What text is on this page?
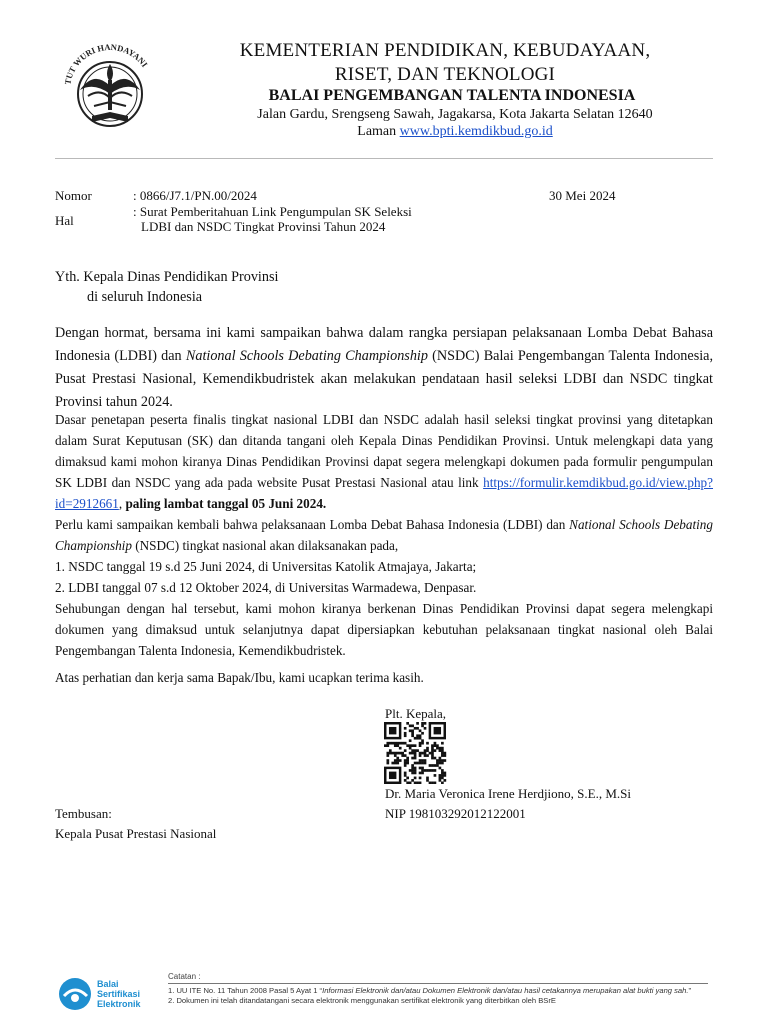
TUT WURI HANDAYANI
KEMENTERIAN PENDIDIKAN, KEBUDAYAAN,
RISET, DAN TEKNOLOGI
BALAI PENGEMBANGAN TALENTA INDONESIA
Jalan Gardu, Srengseng Sawah, Jagakarsa, Kota Jakarta Selatan 12640
Laman www.bpti.kemdikbud.go.id
Nomor	: 0866/J7.1/PN.00/2024	30 Mei 2024
Hal
: Surat Pemberitahuan Link Pengumpulan SK Seleksi
LDBI dan NSDC Tingkat Provinsi Tahun 2024
Yth. Kepala Dinas Pendidikan Provinsi
di seluruh Indonesia
Dengan hormat, bersama ini kami sampaikan bahwa dalam rangka persiapan pelaksanaan Lomba Debat Bahasa Indonesia (LDBI) dan National Schools Debating Championship (NSDC) Balai Pengembangan Talenta Indonesia, Pusat Prestasi Nasional, Kemendikbudristek akan melakukan pendataan hasil seleksi LDBI dan NSDC tingkat Provinsi tahun 2024.
Dasar penetapan peserta finalis tingkat nasional LDBI dan NSDC adalah hasil seleksi tingkat provinsi yang ditetapkan dalam Surat Keputusan (SK) dan ditanda tangani oleh Kepala Dinas Pendidikan Provinsi. Untuk melengkapi data yang dimaksud kami mohon kiranya Dinas Pendidikan Provinsi dapat segera melengkapi dokumen pada formulir pengumpulan SK LDBI dan NSDC yang ada pada website Pusat Prestasi Nasional atau link https://formulir.kemdikbud.go.id/view.php?id=2912661, paling lambat tanggal 05 Juni 2024.
Perlu kami sampaikan kembali bahwa pelaksanaan Lomba Debat Bahasa Indonesia (LDBI) dan National Schools Debating Championship (NSDC) tingkat nasional akan dilaksanakan pada,
1. NSDC tanggal 19 s.d 25 Juni 2024, di Universitas Katolik Atmajaya, Jakarta;
2. LDBI tanggal 07 s.d 12 Oktober 2024, di Universitas Warmadewa, Denpasar.
Sehubungan dengan hal tersebut, kami mohon kiranya berkenan Dinas Pendidikan Provinsi dapat segera melengkapi dokumen yang dimaksud untuk selanjutnya dapat dipersiapkan kebutuhan pelaksanaan tingkat nasional oleh Balai Pengembangan Talenta Indonesia, Kemendikbudristek.
Atas perhatian dan kerja sama Bapak/Ibu, kami ucapkan terima kasih.
Plt. Kepala,
Dr. Maria Veronica Irene Herdjiono, S.E., M.Si
NIP 198103292012122001
Tembusan:
Kepala Pusat Prestasi Nasional
Balai
Sertifikasi
Elektronik
Catatan :
1. UU ITE No. 11 Tahun 2008 Pasal 5 Ayat 1 “Informasi Elektronik dan/atau Dokumen Elektronik dan/atau hasil cetakannya merupakan alat bukti yang sah.”
2. Dokumen ini telah ditandatangani secara elektronik menggunakan sertifikat elektronik yang diterbitkan oleh BSrE
